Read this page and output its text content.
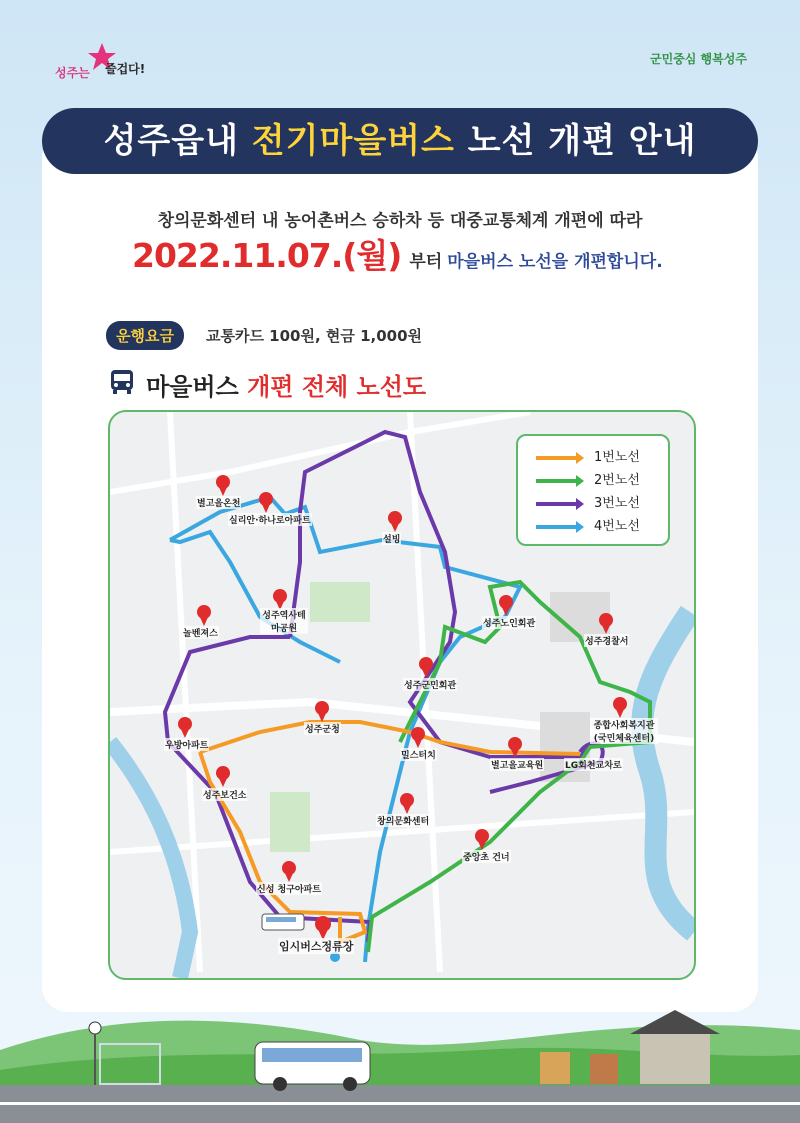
성주는 즐겁다!
군민중심 행복성주
성주읍내 전기마을버스 노선 개편 안내
창의문화센터 내 농어촌버스 승하차 등 대중교통체계 개편에 따라
2022.11.07.(월) 부터 마을버스 노선을 개편합니다.
운행요금	교통카드 100원, 현금 1,000원
마을버스 개편 전체 노선도
1번노선
2번노선
3번노선
4번노선
별고을온천
실리안·하나로아파트
설빙
성주역사테마공원
놀벤져스
성주노인회관
성주경찰서
성주군민회관
종합사회복지관(국민체육센터)
성주군청
우방아파트
밀스터치
별고을교육원 LG회천교차로
성주보건소
창의문화센터
중앙초 건너
신성 청구아파트
임시버스정류장
